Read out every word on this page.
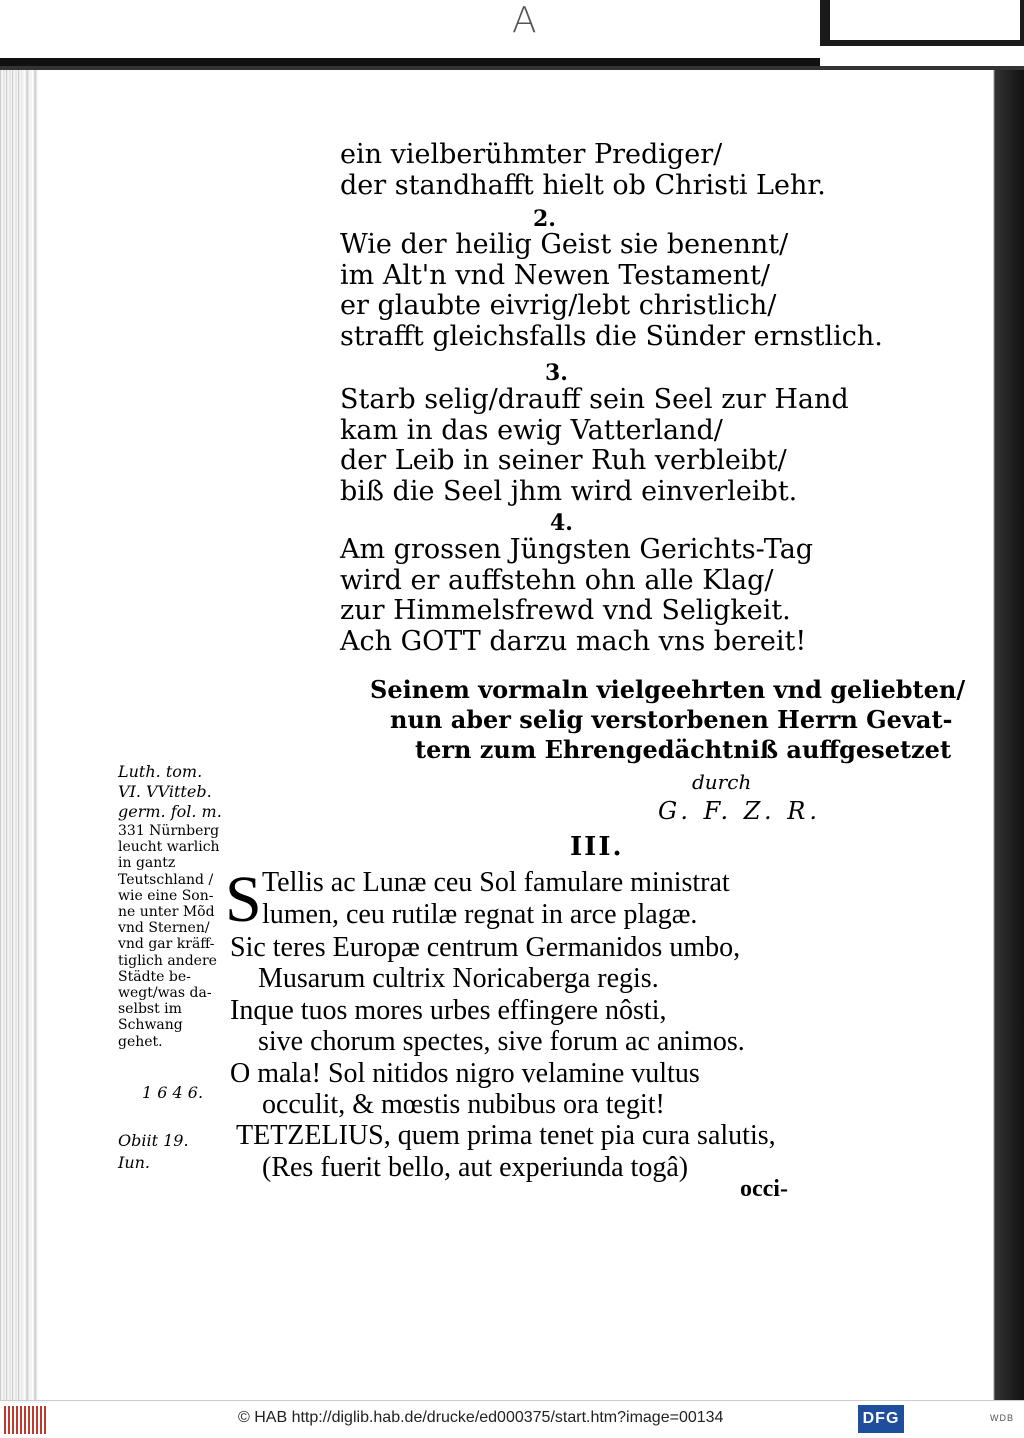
A
ein vielberühmter Prediger/
der standhafft hielt ob Christi Lehr.
2.
Wie der heilig Geist sie benennt/
im Alt'n vnd Newen Testament/
er glaubte eivrig/lebt christlich/
strafft gleichsfalls die Sünder ernstlich.
3.
Starb selig/drauff sein Seel zur Hand
kam in das ewig Vatterland/
der Leib in seiner Ruh verbleibt/
biß die Seel jhm wird einverleibt.
4.
Am grossen Jüngsten Gerichts-Tag
wird er auffstehn ohn alle Klag/
zur Himmelsfrewd vnd Seligkeit.
Ach GOTT darzu mach vns bereit!
Seinem vormaln vielgeehrten vnd geliebten/
nun aber selig verstorbenen Herrn Gevat-
tern zum Ehrengedächtniß auffgesetzet
durch
G. F. Z. R.
III.
Luth. tom.
VI. VVitteb.
germ. fol. m.
331 Nürnberg
leucht warlich
in gantz
Teutschland /
wie eine Son-
ne unter Mõd
vnd Sternen/
vnd gar kräff-
tiglich andere
Städte be-
wegt/was da-
selbst im
Schwang
gehet.
1 6 4 6.
Obiit 19.
Iun.
S Tellis ac Lunæ ceu Sol famulare ministrat
lumen, ceu rutilæ regnat in arce plagæ.
Sic teres Europæ centrum Germanidos umbo,
Musarum cultrix Noricaberga regis.
Inque tuos mores urbes effingere nôsti,
sive chorum spectes, sive forum ac animos.
O mala! Sol nitidos nigro velamine vultus
occulit, & mœstis nubibus ora tegit!
TETZELIUS, quem prima tenet pia cura salutis,
(Res fuerit bello, aut experiunda togâ)
occi-
© HAB http://diglib.hab.de/drucke/ed000375/start.htm?image=00134	DFG	WDB
